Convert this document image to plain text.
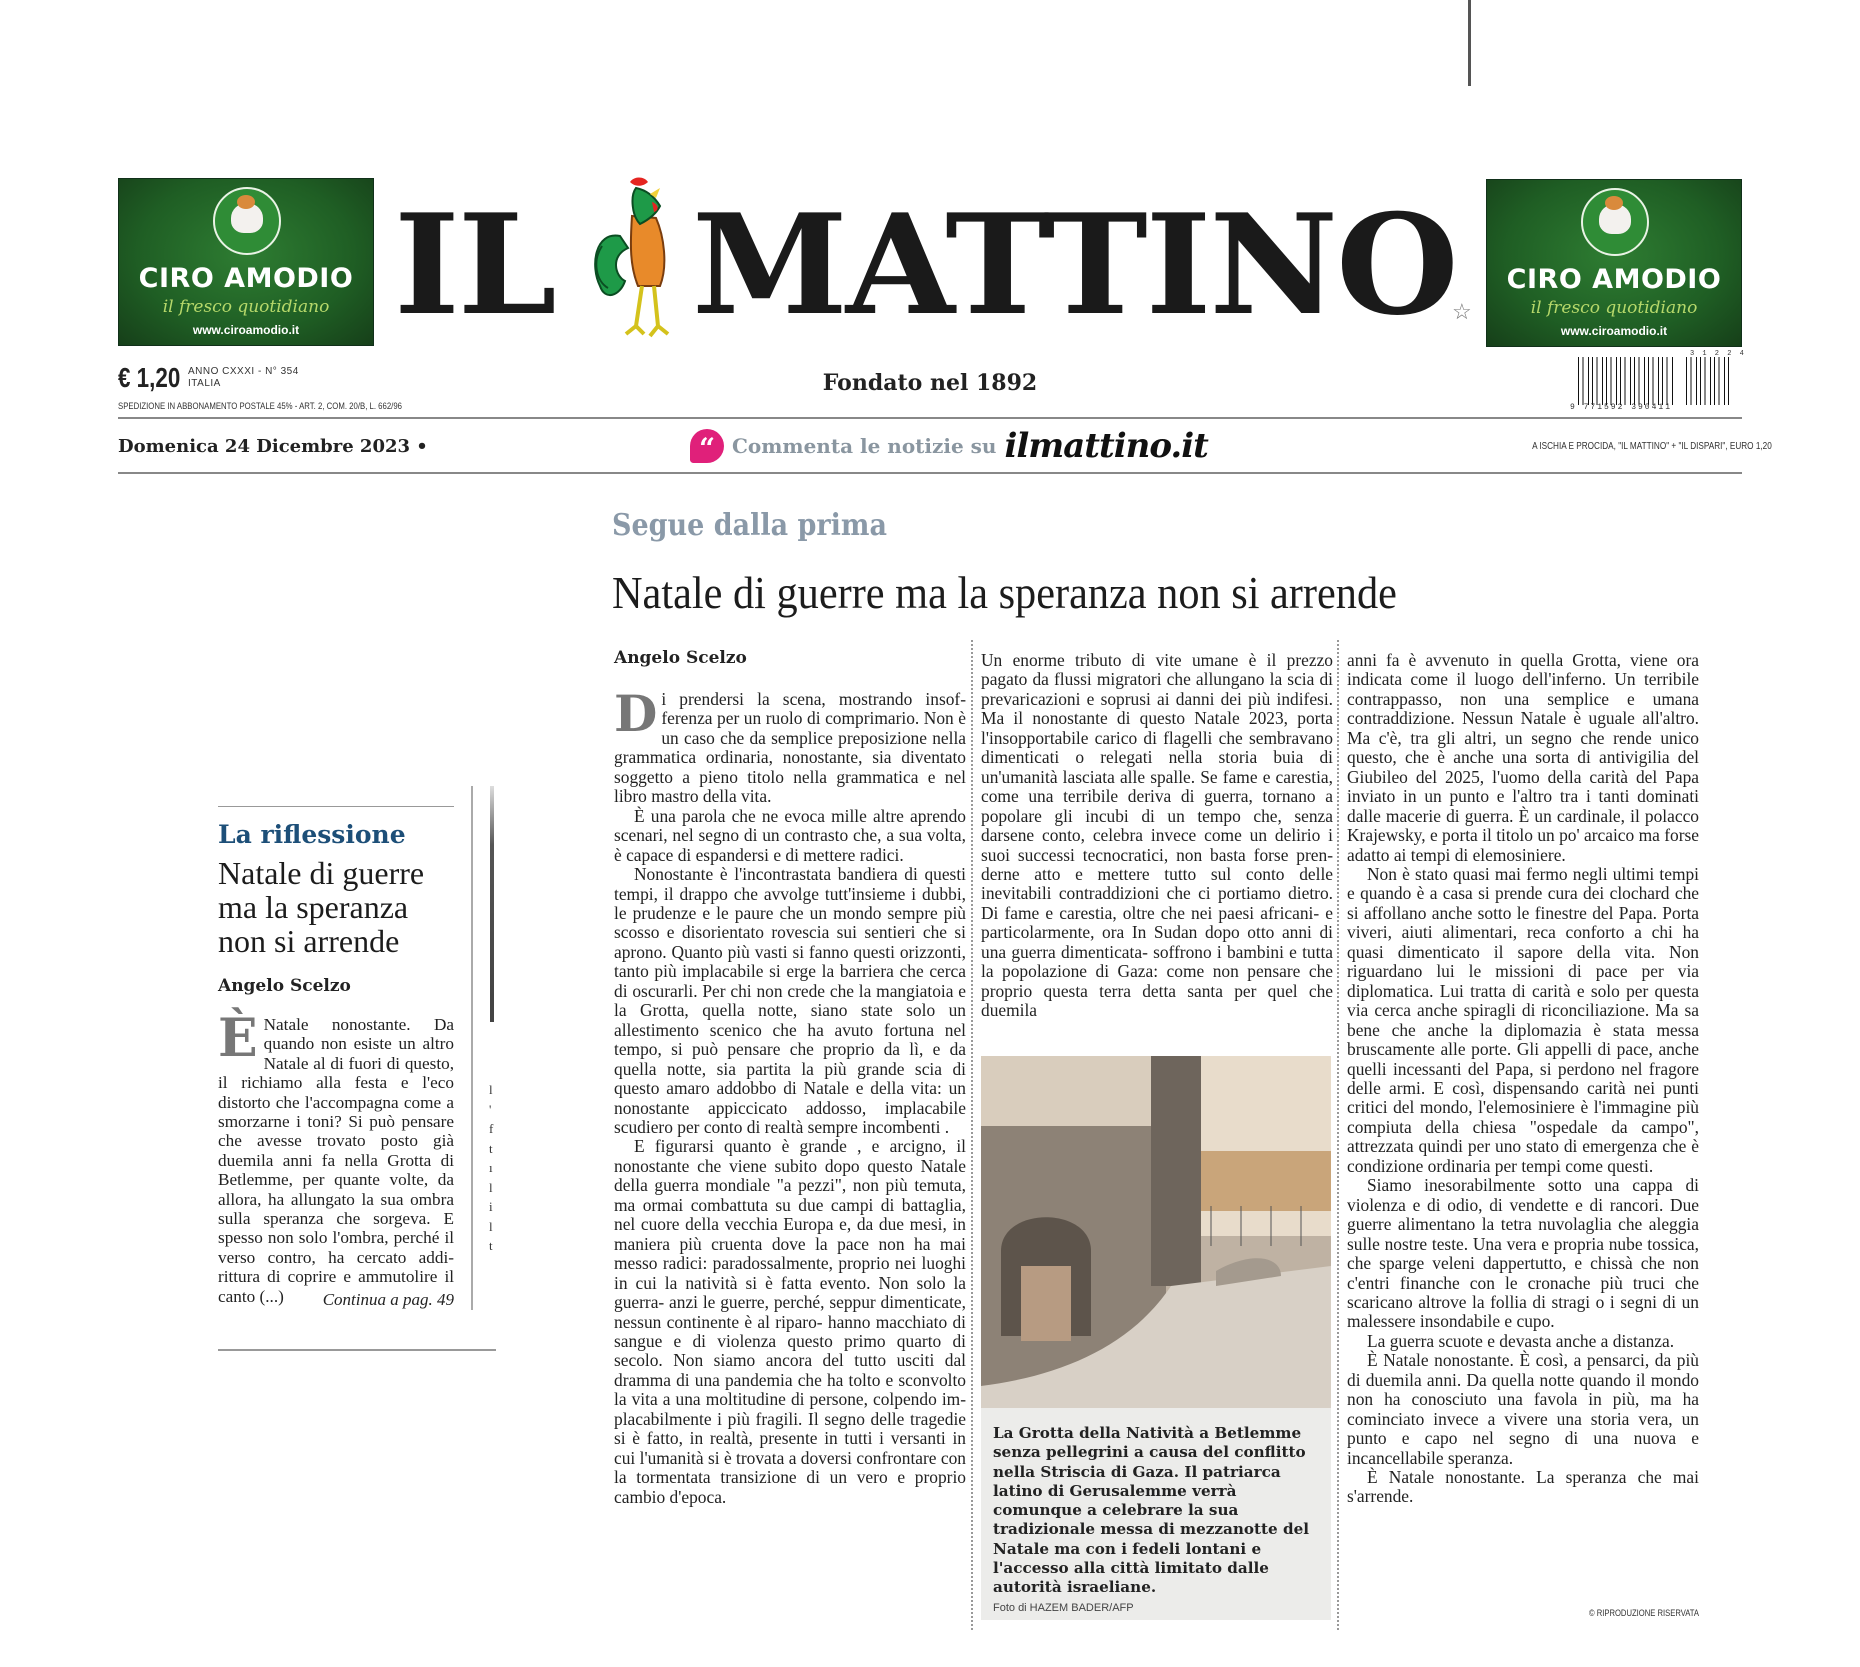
CIRO AMODIO
il fresco quotidiano
www.ciroamodio.it IL MATTINO
☆
CIRO AMODIO
il fresco quotidiano
www.ciroamodio.it
€ 1,20 ANNO CXXXI - N° 354
ITALIA
SPEDIZIONE IN ABBONAMENTO POSTALE 45% - ART. 2, COM. 20/B, L. 662/96
Fondato nel 1892
9 771592 390411
3 1 2 2 4
Domenica 24 Dicembre 2023 •	“ Commenta le notizie su ilmattino.it	A ISCHIA E PROCIDA, "IL MATTINO" + "IL DISPARI", EURO 1,20
Segue dalla prima
Natale di guerre ma la speranza non si arrende
l
'
f
t
ı
l
i
l
t
La riflessione
Natale di guerre ma la speranza non si arrende
Angelo Scelzo
È Natale nonostante. Da quando non esiste un altro Natale al di fuori di questo, il richiamo alla festa e l'eco distorto che l'accompagna come a smorzarne i toni? Si può pensare che avesse trovato posto già duemila anni fa nella Grotta di Betlemme, per quante volte, da allora, ha allungato la sua ombra sulla speranza che sorgeva. E spesso non solo l'ombra, perché il verso contro, ha cercato addirittura di coprire e ammutolire il canto (...)	Continua a pag. 49
Angelo Scelzo

Di prendersi la scena, mostrando insofferenza per un ruolo di comprimario. Non è un caso che da semplice preposizione nella grammatica ordinaria, nonostante, sia diventato soggetto a pieno titolo nella grammatica e nel libro mastro della vita.

È una parola che ne evoca mille altre aprendo scenari, nel segno di un contrasto che, a sua volta, è capace di espandersi e di mettere radici.

Nonostante è l'incontrastata bandiera di questi tempi, il drappo che avvolge tutt'insieme i dubbi, le prudenze e le paure che un mondo sempre più scosso e disorientato rovescia sui sentieri che si aprono. Quanto più vasti si fanno questi orizzonti, tanto più implacabile si erge la barriera che cerca di oscurarli. Per chi non crede che la mangiatoia e la Grotta, quella notte, siano state solo un allestimento scenico che ha avuto fortuna nel tempo, si può pensare che proprio da lì, e da quella notte, sia partita la più grande scia di questo amaro addobbo di Natale e della vita: un nonostante appiccicato addosso, implacabile scudiero per conto di realtà sempre incombenti .

E figurarsi quanto è grande , e arcigno, il nonostante che viene subito dopo questo Natale della guerra mondiale "a pezzi", non più temuta, ma ormai combattuta su due campi di battaglia, nel cuore della vecchia Europa e, da due mesi, in maniera più cruenta dove la pace non ha mai messo radici: paradossalmente, proprio nei luoghi in cui la natività si è fatta evento. Non solo la guerra- anzi le guerre, perché, seppur dimenticate, nessun continente è al riparo- hanno macchiato di sangue e di violenza questo primo quarto di secolo. Non siamo ancora del tutto usciti dal dramma di una pandemia che ha tolto e sconvolto la vita a una moltitudine di persone, colpendo implacabilmente i più fragili. Il segno delle tragedie si è fatto, in realtà, presente in tutti i versanti in cui l'umanità si è trovata a doversi confrontare con la tormentata transizione di un vero e proprio cambio d'epoca.

Un enorme tributo di vite umane è il prezzo pagato da flussi migratori che allungano la scia di prevaricazioni e soprusi ai danni dei più indifesi. Ma il nonostante di questo Natale 2023, porta l'insopportabile carico di flagelli che sembravano dimenticati o relegati nella storia buia di un'umanità lasciata alle spalle. Se fame e carestia, come una terribile deriva di guerra, tornano a popolare gli incubi di un tempo che, senza darsene conto, celebra invece come un delirio i suoi successi tecnocratici, non basta forse prenderne atto e mettere tutto sul conto delle inevitabili contraddizioni che ci portiamo dietro. Di fame e carestia, oltre che nei paesi africani- e particolarmente, ora In Sudan dopo otto anni di una guerra dimenticata- soffrono i bambini e tutta la popolazione di Gaza: come non pensare che proprio questa terra detta santa per quel che duemila

La Grotta della Natività a Betlemme senza pellegrini a causa del conflitto nella Striscia di Gaza. Il patriarca latino di Gerusalemme verrà comunque a celebrare la sua tradizionale messa di mezzanotte del Natale ma con i fedeli lontani e l'accesso alla città limitato dalle autorità israeliane.
Foto di HAZEM BADER/AFP

anni fa è avvenuto in quella Grotta, viene ora indicata come il luogo dell'inferno. Un terribile contrappasso, non una semplice e umana contraddizione. Nessun Natale è uguale all'altro. Ma c'è, tra gli altri, un segno che rende unico questo, che è anche una sorta di antivigilia del Giubileo del 2025, l'uomo della carità del Papa inviato in un punto e l'altro tra i tanti dominati dalle macerie di guerra. È un cardinale, il polacco Krajewsky, e porta il titolo un po' arcaico ma forse adatto ai tempi di elemosiniere.

Non è stato quasi mai fermo negli ultimi tempi e quando è a casa si prende cura dei clochard che si affollano anche sotto le finestre del Papa. Porta viveri, aiuti alimentari, reca conforto a chi ha quasi dimenticato il sapore della vita. Non riguardano lui le missioni di pace per via diplomatica. Lui tratta di carità e solo per questa via cerca anche spiragli di riconciliazione. Ma sa bene che anche la diplomazia è stata messa bruscamente alle porte. Gli appelli di pace, anche quelli incessanti del Papa, si perdono nel fragore delle armi. E così, dispensando carità nei punti critici del mondo, l'elemosiniere è l'immagine più compiuta della chiesa "ospedale da campo", attrezzata quindi per uno stato di emergenza che è condizione ordinaria per tempi come questi.

Siamo inesorabilmente sotto una cappa di violenza e di odio, di vendette e di rancori. Due guerre alimentano la tetra nuvolaglia che aleggia sulle nostre teste. Una vera e propria nube tossica, che sparge veleni dappertutto, e chissà che non c'entri finanche con le cronache più truci che scaricano altrove la follia di stragi o i segni di un malessere insondabile e cupo.

La guerra scuote e devasta anche a distanza.

È Natale nonostante. È così, a pensarci, da più di duemila anni. Da quella notte quando il mondo non ha conosciuto una favola in più, ma ha cominciato invece a vivere una storia vera, un punto e capo nel segno di una nuova e incancellabile speranza.

È Natale nonostante. La speranza che mai s'arrende.

© RIPRODUZIONE RISERVATA
